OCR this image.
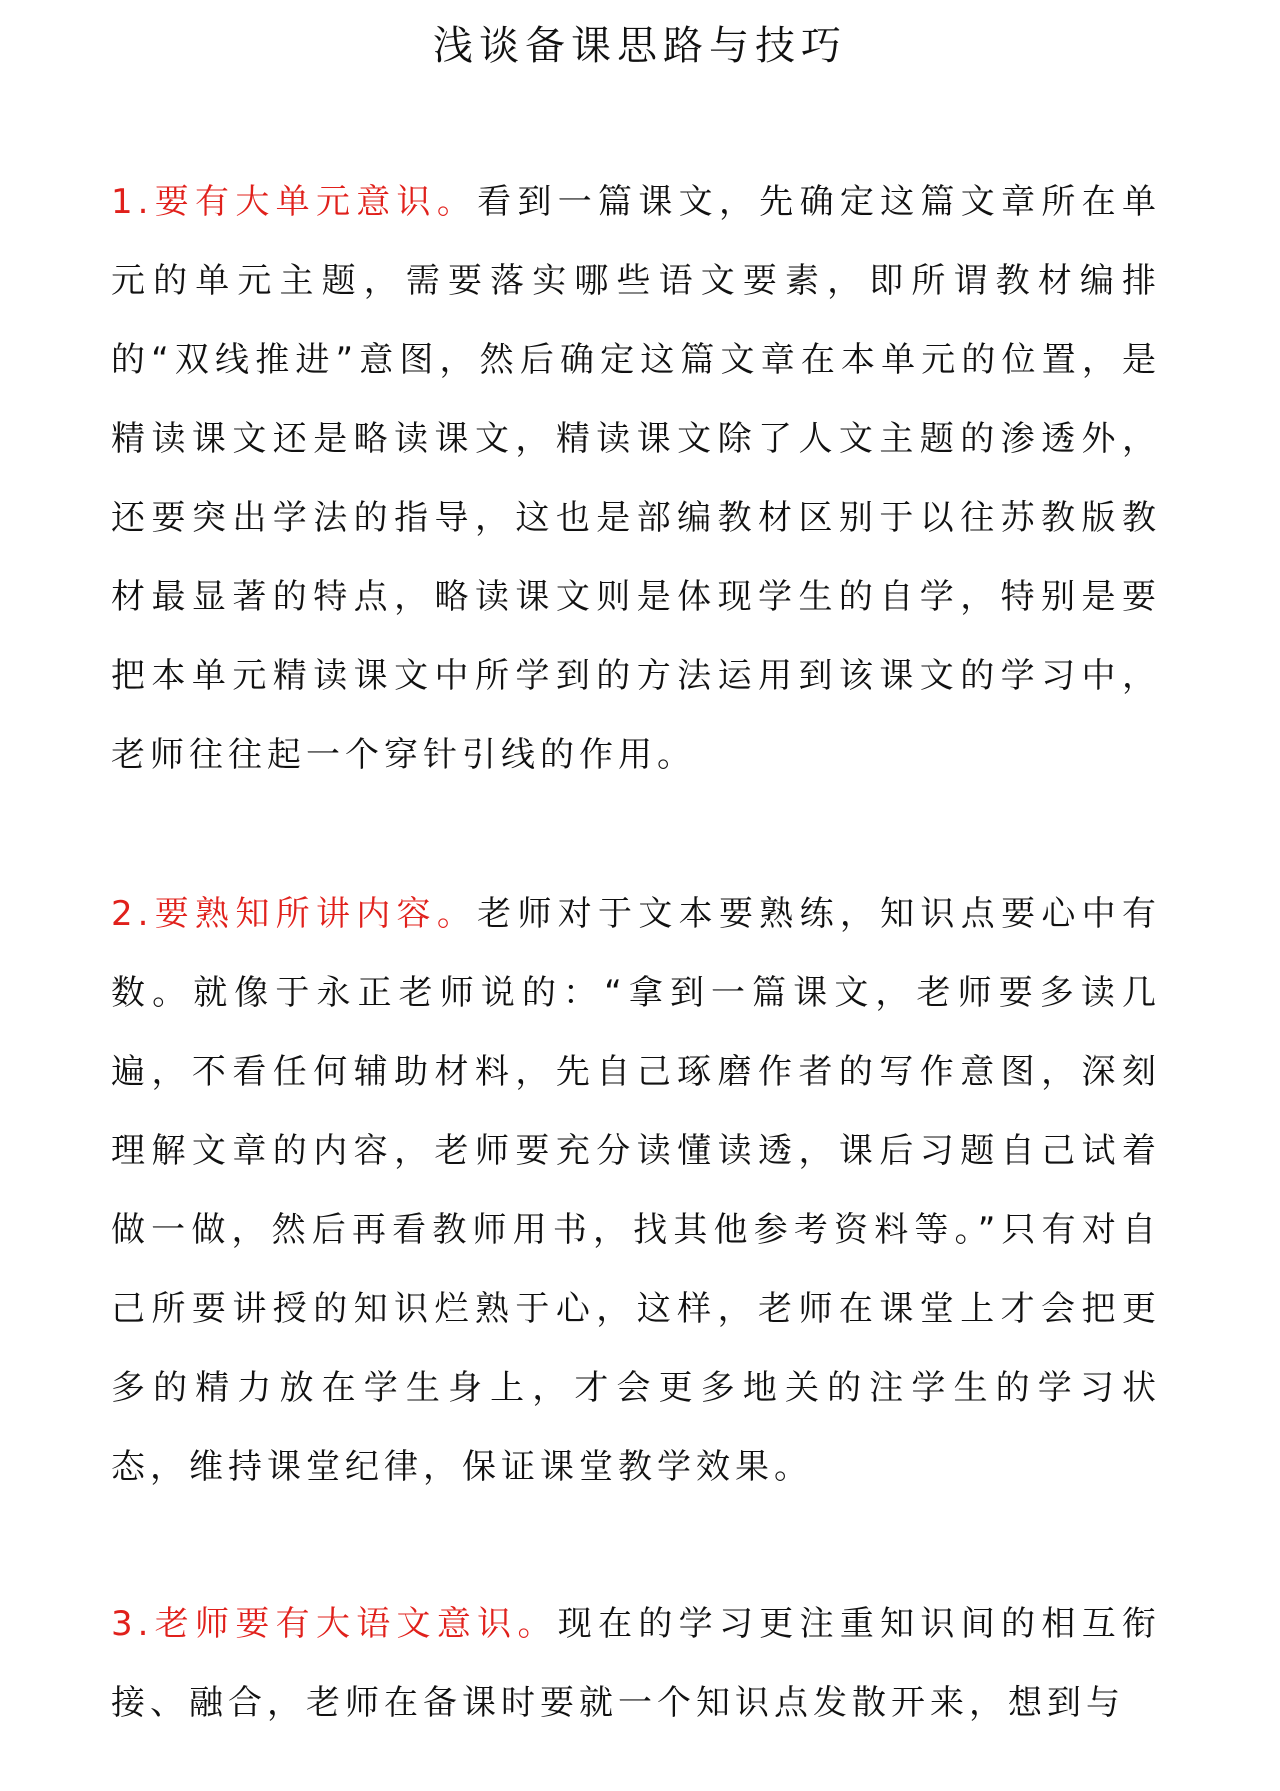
浅谈备课思路与技巧

1.要有大单元意识。看到一篇课文，先确定这篇文章所在单元的单元主题，需要落实哪些语文要素，即所谓教材编排的“双线推进”意图，然后确定这篇文章在本单元的位置，是精读课文还是略读课文，精读课文除了人文主题的渗透外，还要突出学法的指导，这也是部编教材区别于以往苏教版教材最显著的特点，略读课文则是体现学生的自学，特别是要把本单元精读课文中所学到的方法运用到该课文的学习中，老师往往起一个穿针引线的作用。

2.要熟知所讲内容。老师对于文本要熟练，知识点要心中有数。就像于永正老师说的：“拿到一篇课文，老师要多读几遍，不看任何辅助材料，先自己琢磨作者的写作意图，深刻理解文章的内容，老师要充分读懂读透，课后习题自己试着做一做，然后再看教师用书，找其他参考资料等。”只有对自己所要讲授的知识烂熟于心，这样，老师在课堂上才会把更多的精力放在学生身上，才会更多地关的注学生的学习状态，维持课堂纪律，保证课堂教学效果。

3.老师要有大语文意识。现在的学习更注重知识间的相互衔接、融合，老师在备课时要就一个知识点发散开来，想到与
